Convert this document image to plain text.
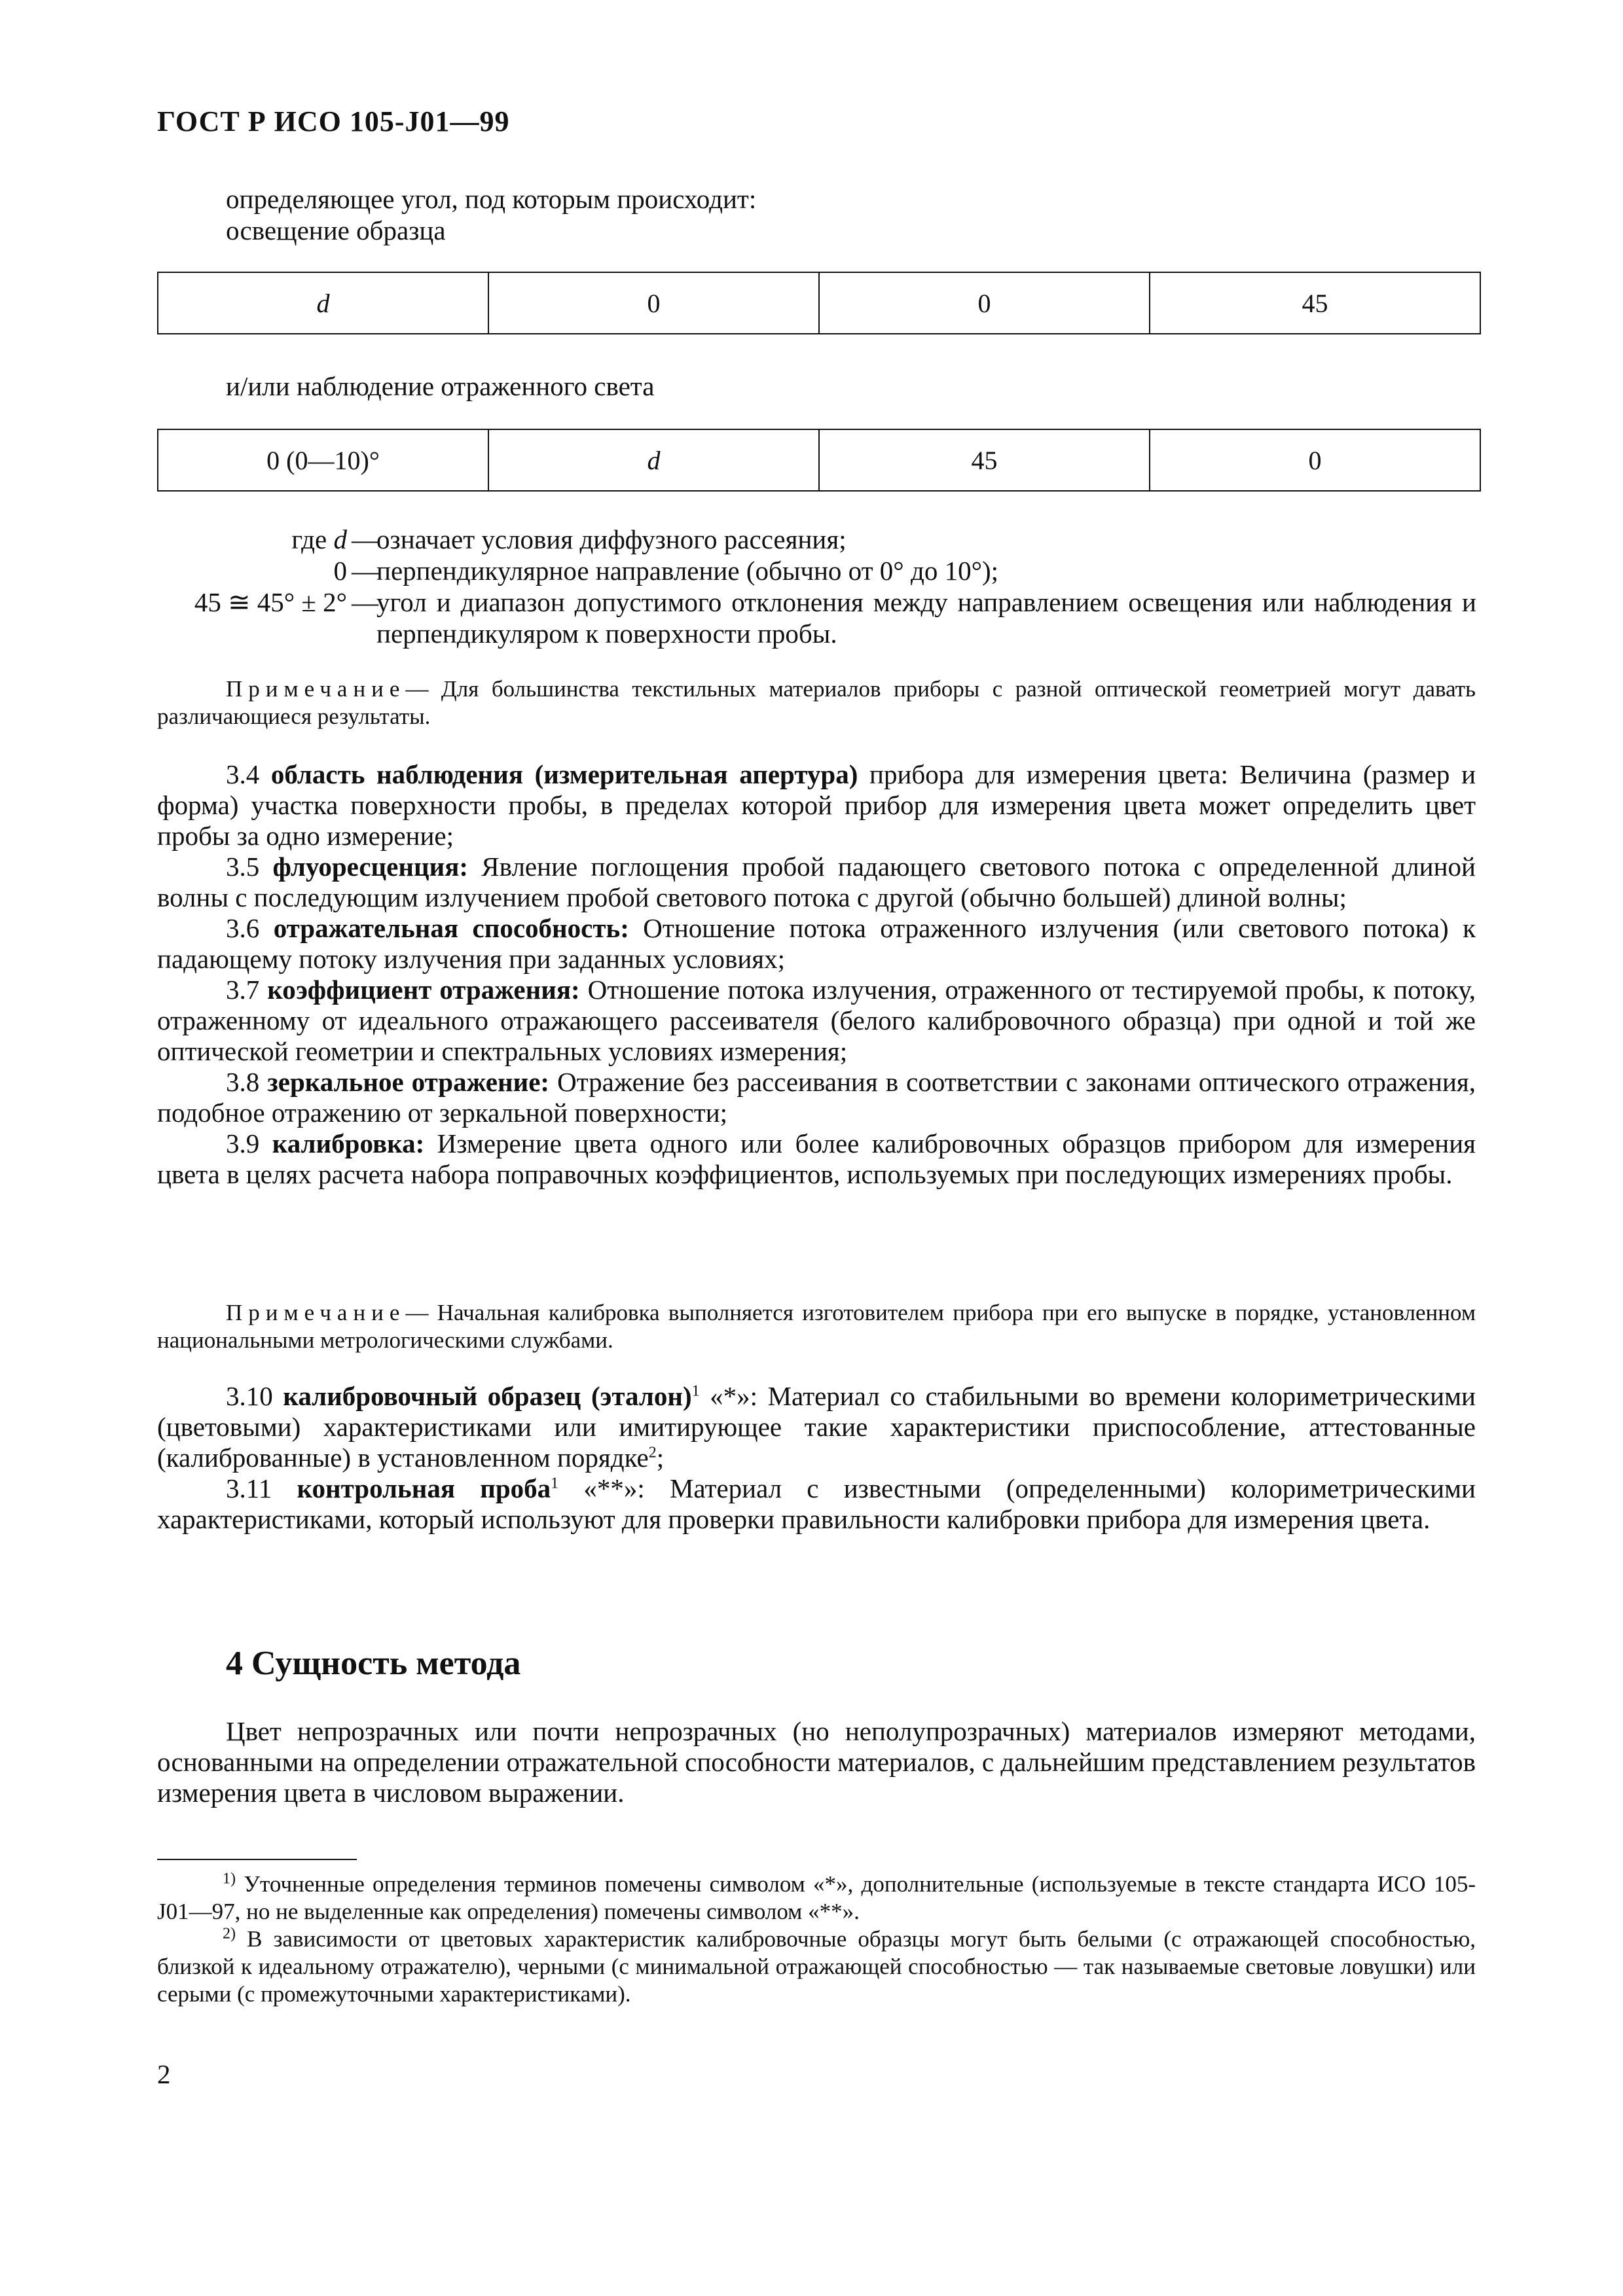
ГОСТ Р ИСО 105-J01—99
определяющее угол, под которым происходит:
освещение образца
d	0	0	45
и/или наблюдение отраженного света
0 (0—10)°	d	45	0
где d —
означает условия диффузного рассеяния;
0 —
перпендикулярное направление (обычно от 0° до 10°);
45 ≅ 45° ± 2° —
угол и диапазон допустимого отклонения между направлением освещения или наблюдения и перпендикуляром к поверхности пробы.
Примечание— Для большинства текстильных материалов приборы с разной оптической геометрией могут давать различающиеся результаты.

3.4 область наблюдения (измерительная апертура) прибора для измерения цвета: Величина (размер и форма) участка поверхности пробы, в пределах которой прибор для измерения цвета может определить цвет пробы за одно измерение;

3.5 флуоресценция: Явление поглощения пробой падающего светового потока с определенной длиной волны с последующим излучением пробой светового потока с другой (обычно большей) длиной волны;

3.6 отражательная способность: Отношение потока отраженного излучения (или светового потока) к падающему потоку излучения при заданных условиях;

3.7 коэффициент отражения: Отношение потока излучения, отраженного от тестируемой пробы, к потоку, отраженному от идеального отражающего рассеивателя (белого калибровочного образца) при одной и той же оптической геометрии и спектральных условиях измерения;

3.8 зеркальное отражение: Отражение без рассеивания в соответствии с законами оптического отражения, подобное отражению от зеркальной поверхности;

3.9 калибровка: Измерение цвета одного или более калибровочных образцов прибором для измерения цвета в целях расчета набора поправочных коэффициентов, используемых при последующих измерениях пробы.

Примечание— Начальная калибровка выполняется изготовителем прибора при его выпуске в порядке, установленном национальными метрологическими службами.

3.10 калибровочный образец (эталон)$^1$ «*»: Материал со стабильными во времени колориметрическими (цветовыми) характеристиками или имитирующее такие характеристики приспособление, аттестованные (калиброванные) в установленном порядке$^2$;

3.11 контрольная проба$^1$ «**»: Материал с известными (определенными) колориметрическими характеристиками, который используют для проверки правильности калибровки прибора для измерения цвета.

4 Сущность метода

Цвет непрозрачных или почти непрозрачных (но неполупрозрачных) материалов измеряют методами, основанными на определении отражательной способности материалов, с дальнейшим представлением результатов измерения цвета в числовом выражении.

$^{1)}$ Уточненные определения терминов помечены символом «*», дополнительные (используемые в тексте стандарта ИСО 105-J01—97, но не выделенные как определения) помечены символом «**».

$^{2)}$ В зависимости от цветовых характеристик калибровочные образцы могут быть белыми (с отражающей способностью, близкой к идеальному отражателю), черными (с минимальной отражающей способностью — так называемые световые ловушки) или серыми (с промежуточными характеристиками).

2
